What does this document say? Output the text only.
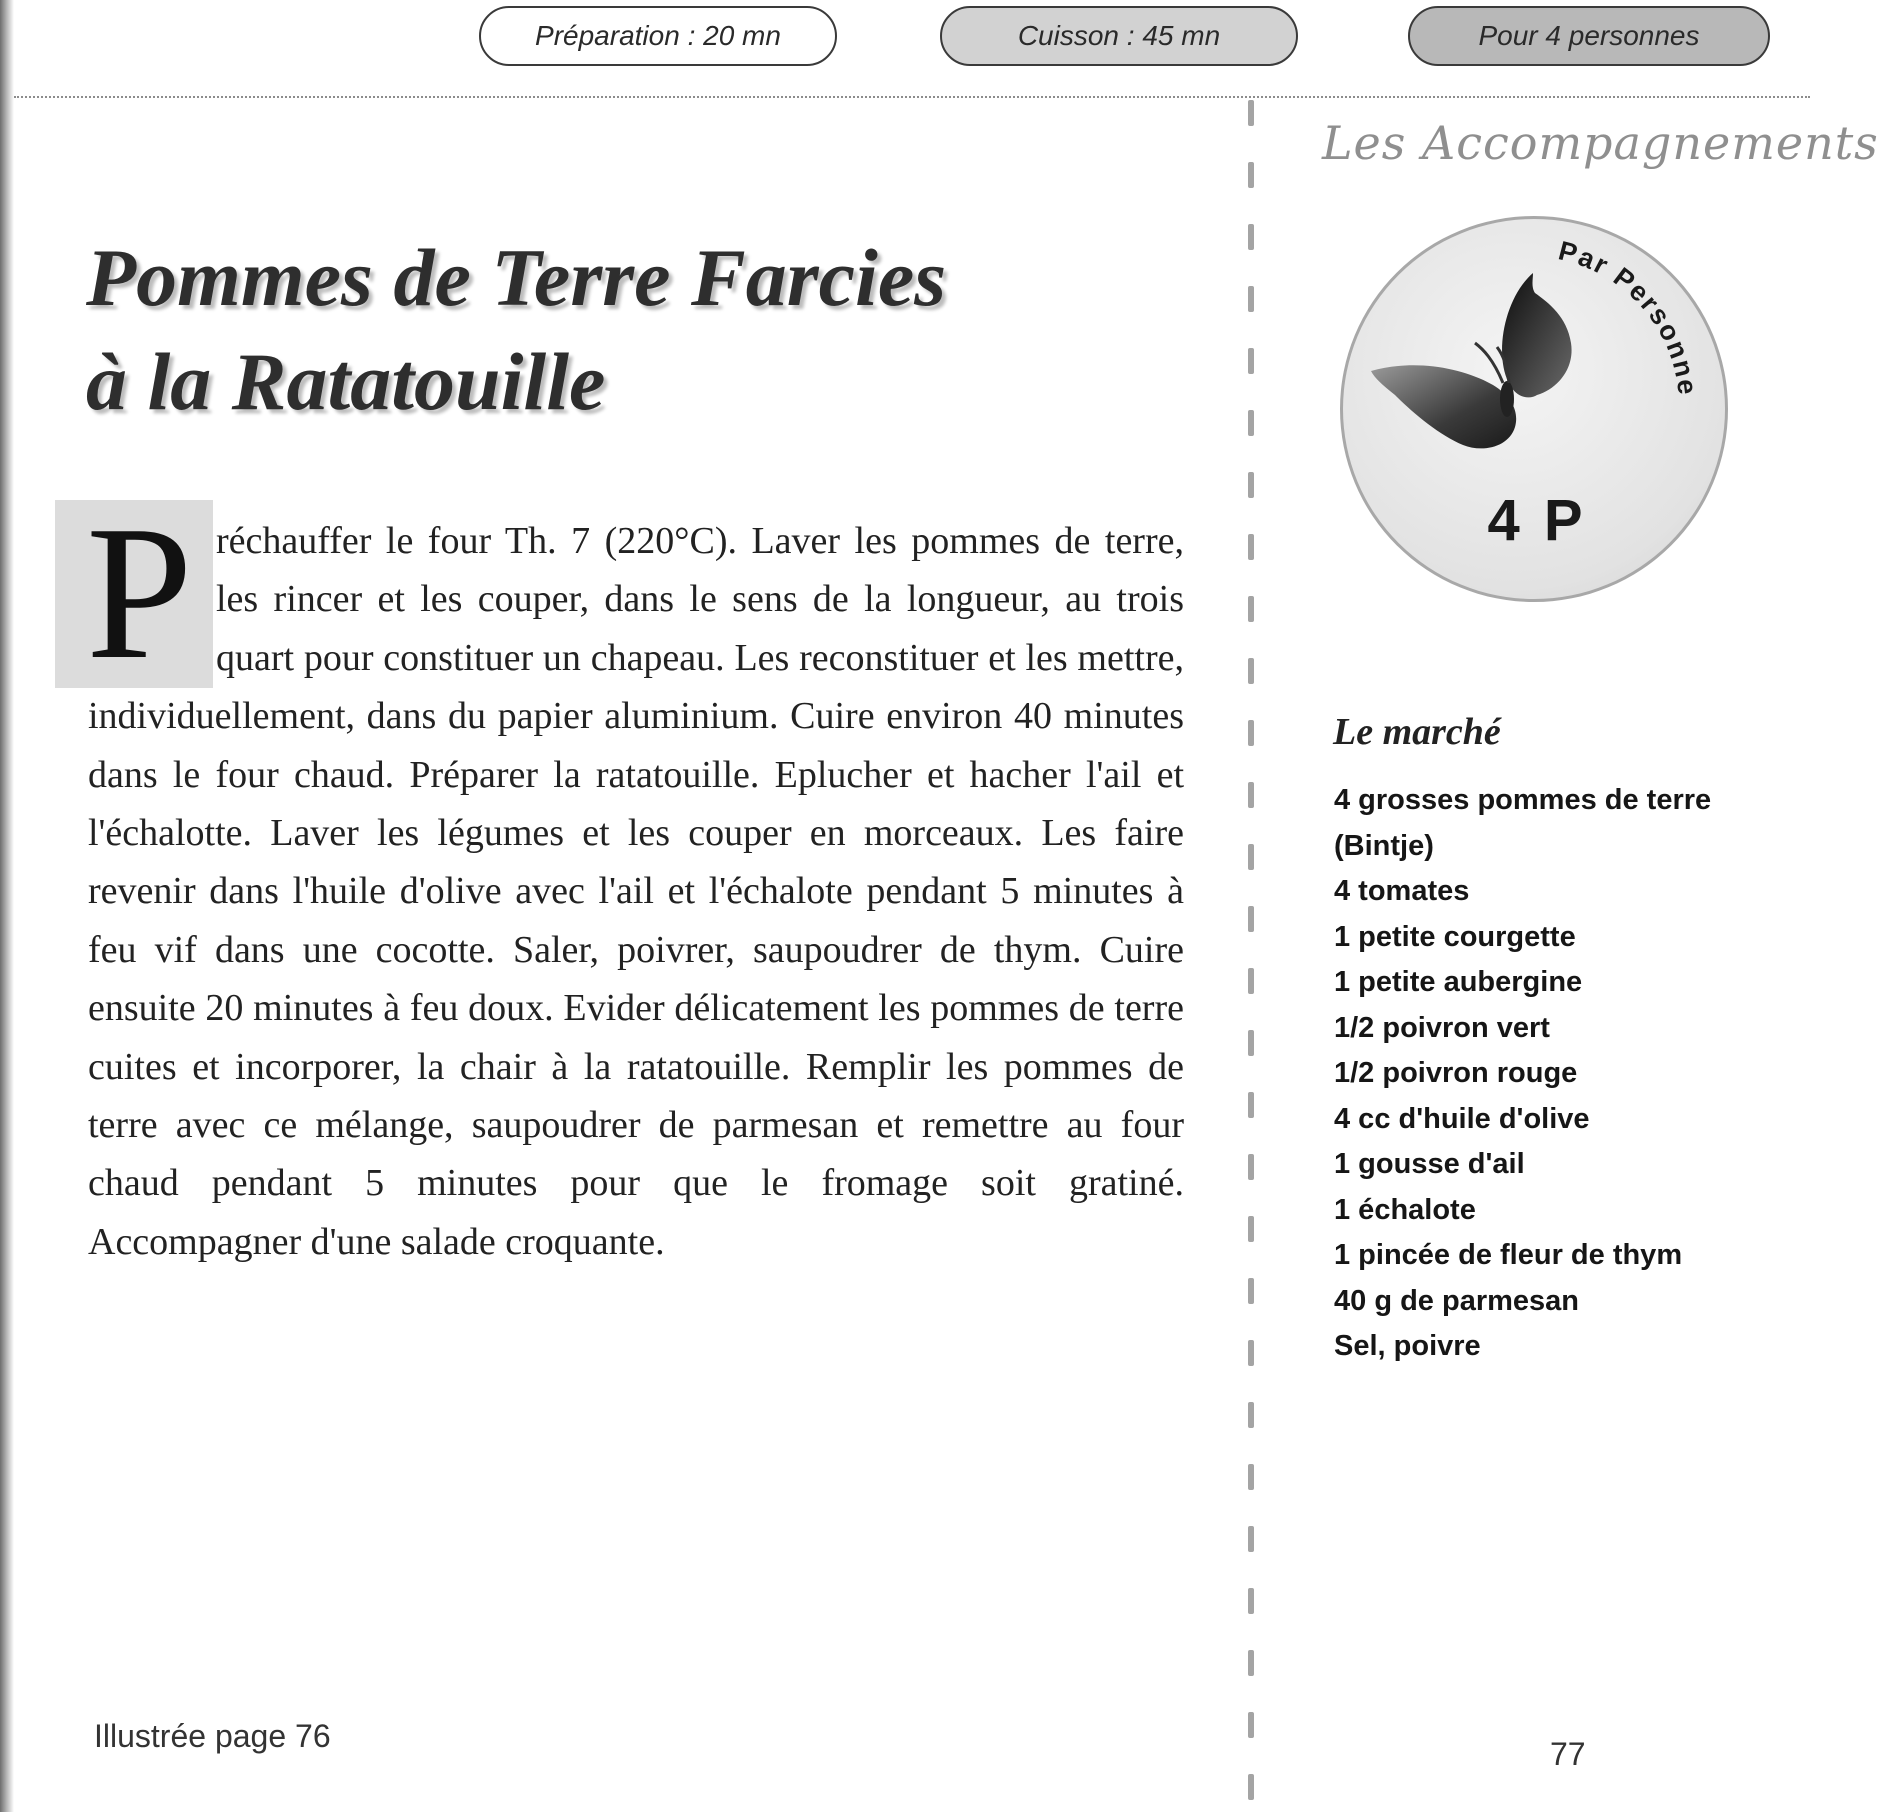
Préparation : 20 mn	Cuisson : 45 mn	Pour 4 personnes
Les Accompagnements
Pommes de Terre Farcies
à la Ratatouille
P réchauffer le four Th. 7 (220°C). Laver les pommes de terre, les rincer et les couper, dans le sens de la longueur, au trois quart pour constituer un chapeau. Les reconstituer et les mettre, individuellement, dans du papier aluminium. Cuire environ 40 minutes dans le four chaud. Préparer la ratatouille. Eplucher et hacher l'ail et l'échalotte. Laver les légumes et les couper en morceaux. Les faire revenir dans l'huile d'olive avec l'ail et l'échalote pendant 5 minutes à feu vif dans une cocotte. Saler, poivrer, saupoudrer de thym. Cuire ensuite 20 minutes à feu doux. Evider délicatement les pommes de terre cuites et incorporer, la chair à la ratatouille. Remplir les pommes de terre avec ce mélange, saupoudrer de parmesan et remettre au four chaud pendant 5 minutes pour que le fromage soit gratiné. Accompagner d'une salade croquante.
Par Personne
4 P
Le marché
4 grosses pommes de terre (Bintje)
4 tomates
1 petite courgette
1 petite aubergine
1/2 poivron vert
1/2 poivron rouge
4 cc d'huile d'olive
1 gousse d'ail
1 échalote
1 pincée de fleur de thym
40 g de parmesan
Sel, poivre
Illustrée page 76	77
